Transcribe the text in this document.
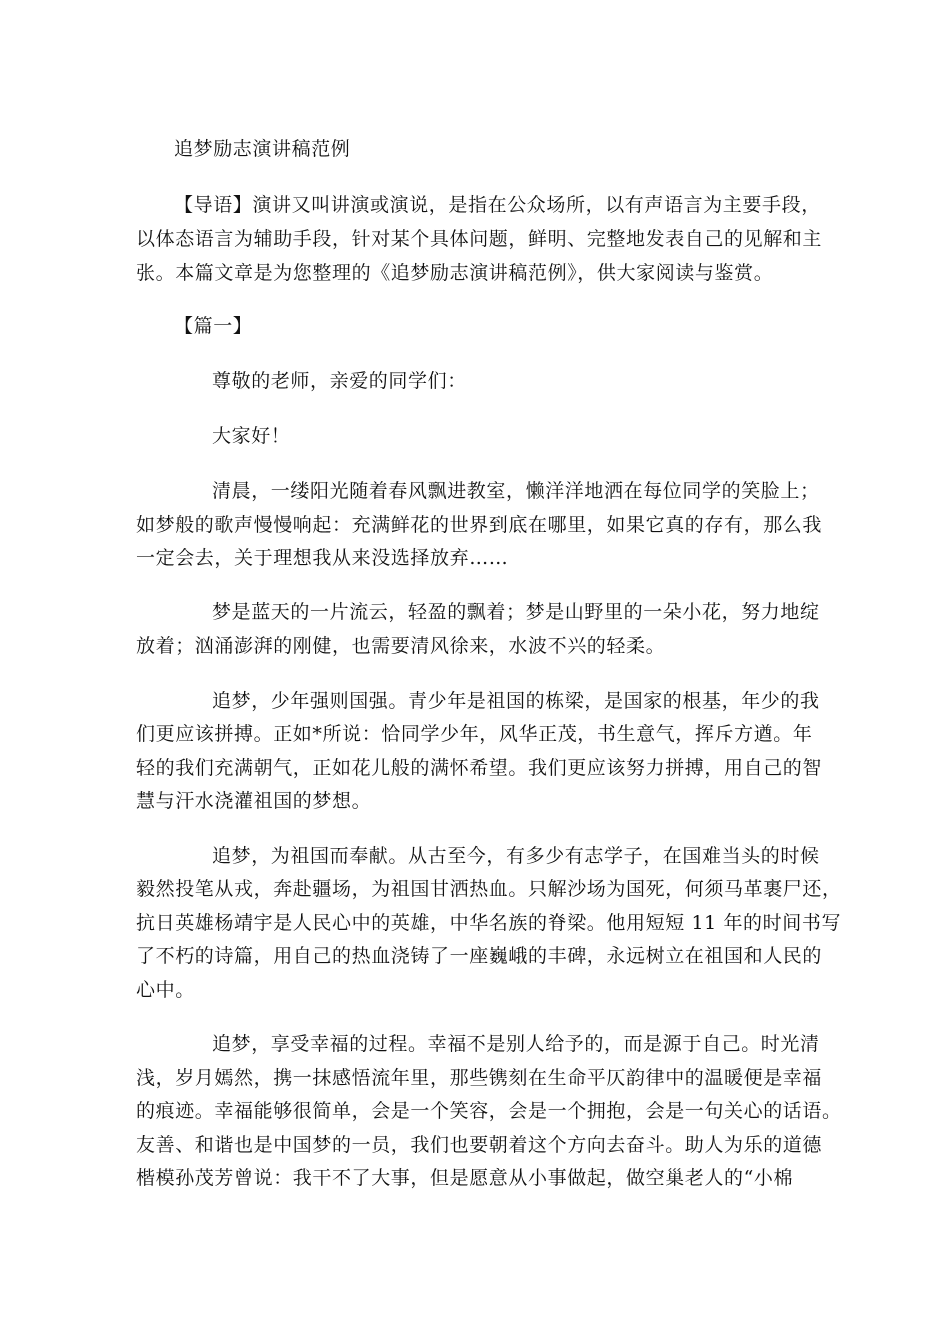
追梦励志演讲稿范例
【导语】演讲又叫讲演或演说，是指在公众场所，以有声语言为主要手段，
以体态语言为辅助手段，针对某个具体问题，鲜明、完整地发表自己的见解和主
张。本篇文章是为您整理的《追梦励志演讲稿范例》，供大家阅读与鉴赏。
【篇一】
尊敬的老师，亲爱的同学们：
大家好！
清晨，一缕阳光随着春风飘进教室，懒洋洋地洒在每位同学的笑脸上；
如梦般的歌声慢慢响起：充满鲜花的世界到底在哪里，如果它真的存有，那么我
一定会去，关于理想我从来没选择放弃……
梦是蓝天的一片流云，轻盈的飘着；梦是山野里的一朵小花，努力地绽
放着；汹涌澎湃的刚健，也需要清风徐来，水波不兴的轻柔。
追梦，少年强则国强。青少年是祖国的栋梁，是国家的根基，年少的我
们更应该拼搏。正如*所说：恰同学少年，风华正茂，书生意气，挥斥方遒。年
轻的我们充满朝气，正如花儿般的满怀希望。我们更应该努力拼搏，用自己的智
慧与汗水浇灌祖国的梦想。
追梦，为祖国而奉献。从古至今，有多少有志学子，在国难当头的时候
毅然投笔从戎，奔赴疆场，为祖国甘洒热血。只解沙场为国死，何须马革裹尸还，
抗日英雄杨靖宇是人民心中的英雄，中华名族的脊梁。他用短短 11 年的时间书写
了不朽的诗篇，用自己的热血浇铸了一座巍峨的丰碑，永远树立在祖国和人民的
心中。
追梦，享受幸福的过程。幸福不是别人给予的，而是源于自己。时光清
浅，岁月嫣然，携一抹感悟流年里，那些镌刻在生命平仄韵律中的温暖便是幸福
的痕迹。幸福能够很简单，会是一个笑容，会是一个拥抱，会是一句关心的话语。
友善、和谐也是中国梦的一员，我们也要朝着这个方向去奋斗。助人为乐的道德
楷模孙茂芳曾说：我干不了大事，但是愿意从小事做起，做空巢老人的“小棉
